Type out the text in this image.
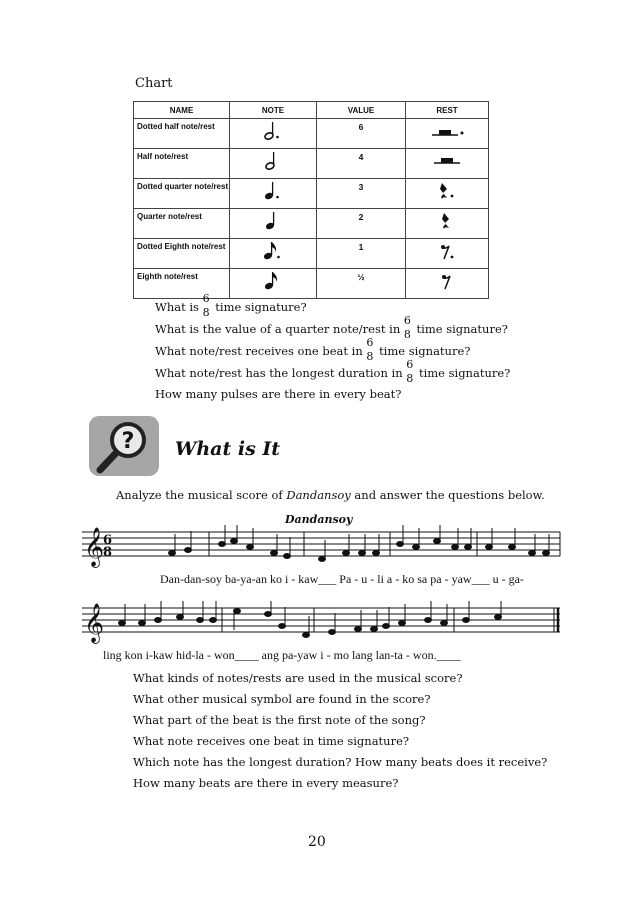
Chart
NAME	NOTE	VALUE	REST
Dotted half note/rest		6	
Half note/rest		4	
Dotted quarter note/rest		3	
Quarter note/rest		2	
Dotted Eighth note/rest		1	
Eighth note/rest		½	
What is
6
8 time signature?
What is the value of a quarter note/rest in
6
8 time signature?
What note/rest receives one beat in
6
8 time signature?
What note/rest has the longest duration in
6
8 time signature?
How many pulses are there in every beat?
? What is It
Analyze the musical score of Dandansoy and answer the questions below.
Dandansoy
𝄞
6
8
Dan-dan-soy ba-ya-an ko i - kaw___ Pa - u - li a - ko sa pa - yaw___ u - ga-
𝄞
ling kon i-kaw hid-la - won____ ang pa-yaw i - mo lang lan-ta - won.____
What kinds of notes/rests are used in the musical score?
What other musical symbol are found in the score?
What part of the beat is the first note of the song?
What note receives one beat in time signature?
Which note has the longest duration? How many beats does it receive?
How many beats are there in every measure?
20
